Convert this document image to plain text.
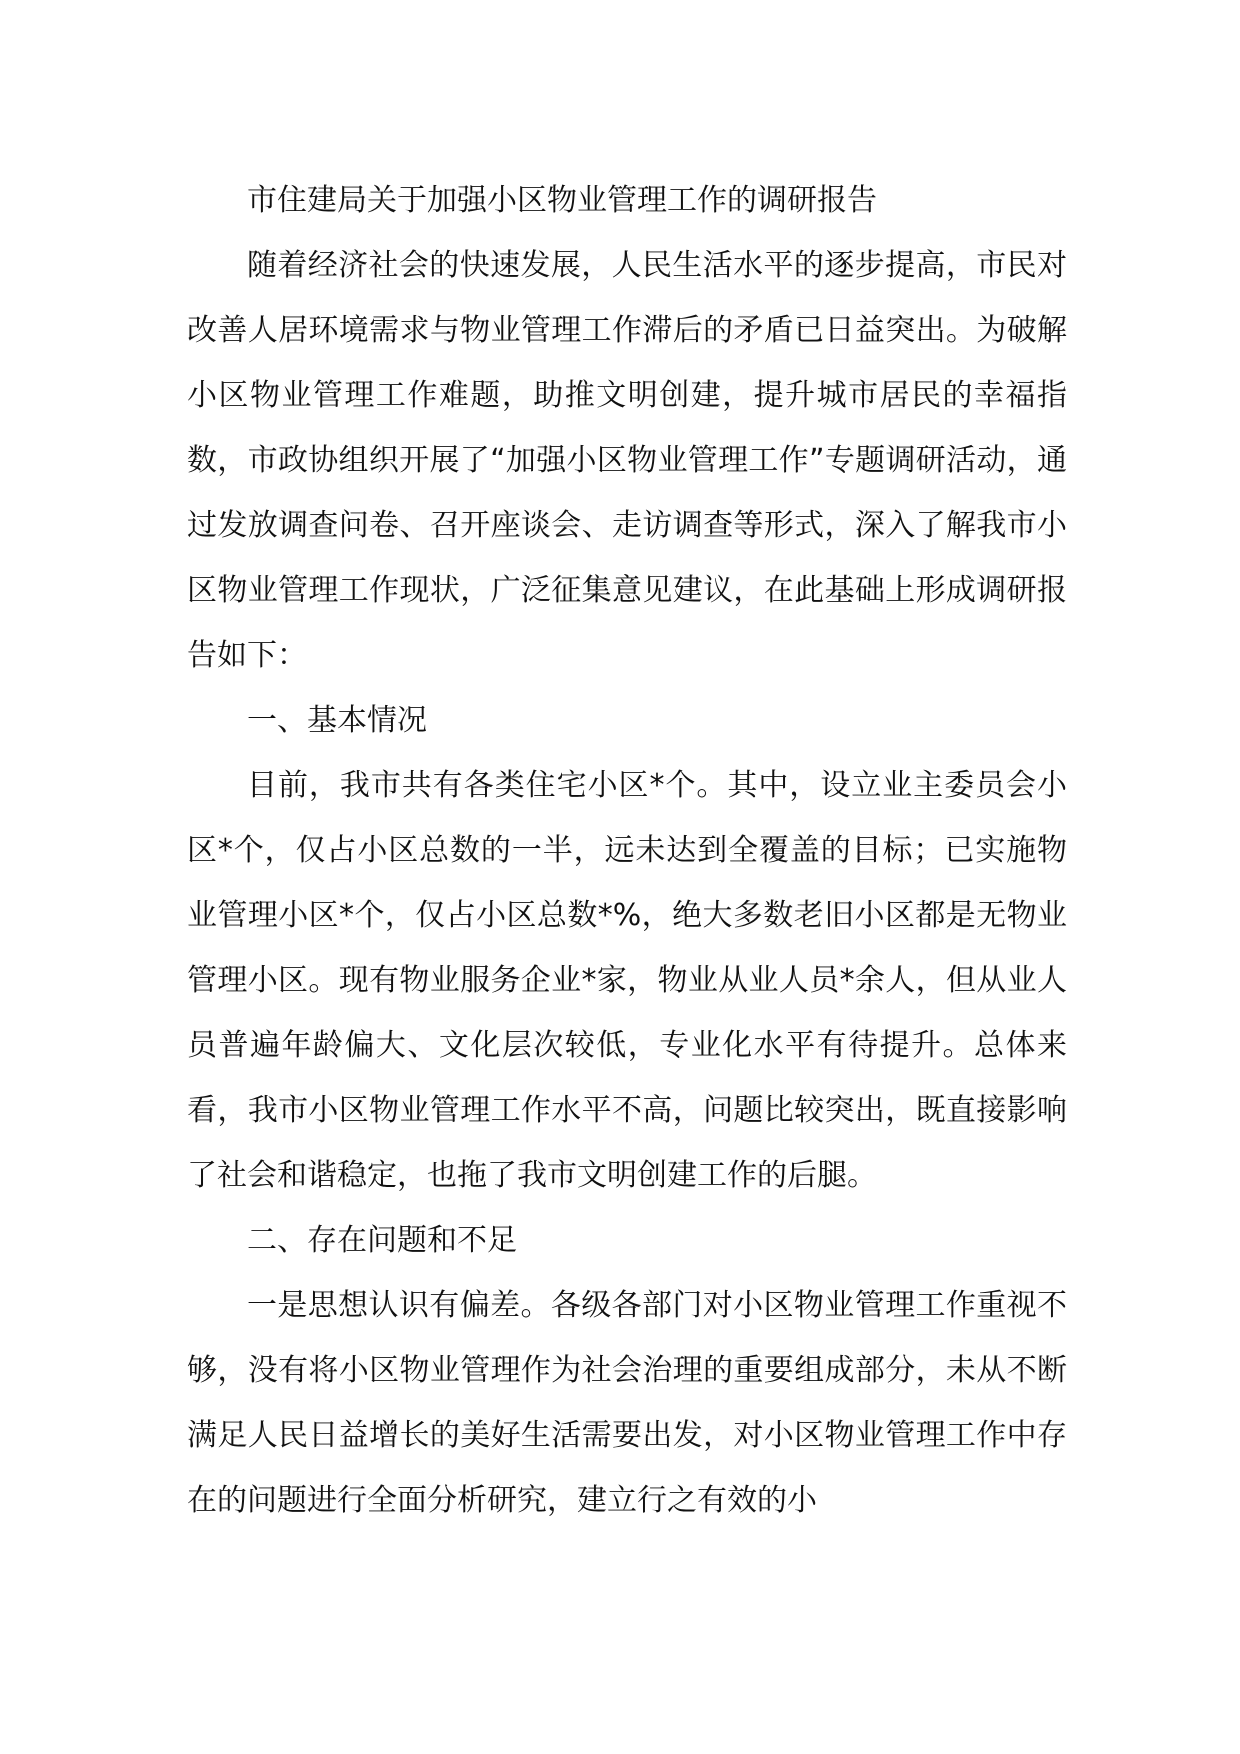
市住建局关于加强小区物业管理工作的调研报告

随着经济社会的快速发展，人民生活水平的逐步提高，市民对改善人居环境需求与物业管理工作滞后的矛盾已日益突出。为破解小区物业管理工作难题，助推文明创建，提升城市居民的幸福指数，市政协组织开展了“加强小区物业管理工作”专题调研活动，通过发放调查问卷、召开座谈会、走访调查等形式，深入了解我市小区物业管理工作现状，广泛征集意见建议，在此基础上形成调研报告如下：

一、基本情况

目前，我市共有各类住宅小区*个。其中，设立业主委员会小区*个，仅占小区总数的一半，远未达到全覆盖的目标；已实施物业管理小区*个，仅占小区总数*%，绝大多数老旧小区都是无物业管理小区。现有物业服务企业*家，物业从业人员*余人，但从业人员普遍年龄偏大、文化层次较低，专业化水平有待提升。总体来看，我市小区物业管理工作水平不高，问题比较突出，既直接影响了社会和谐稳定，也拖了我市文明创建工作的后腿。

二、存在问题和不足

一是思想认识有偏差。各级各部门对小区物业管理工作重视不够，没有将小区物业管理作为社会治理的重要组成部分，未从不断满足人民日益增长的美好生活需要出发，对小区物业管理工作中存在的问题进行全面分析研究，建立行之有效的小
